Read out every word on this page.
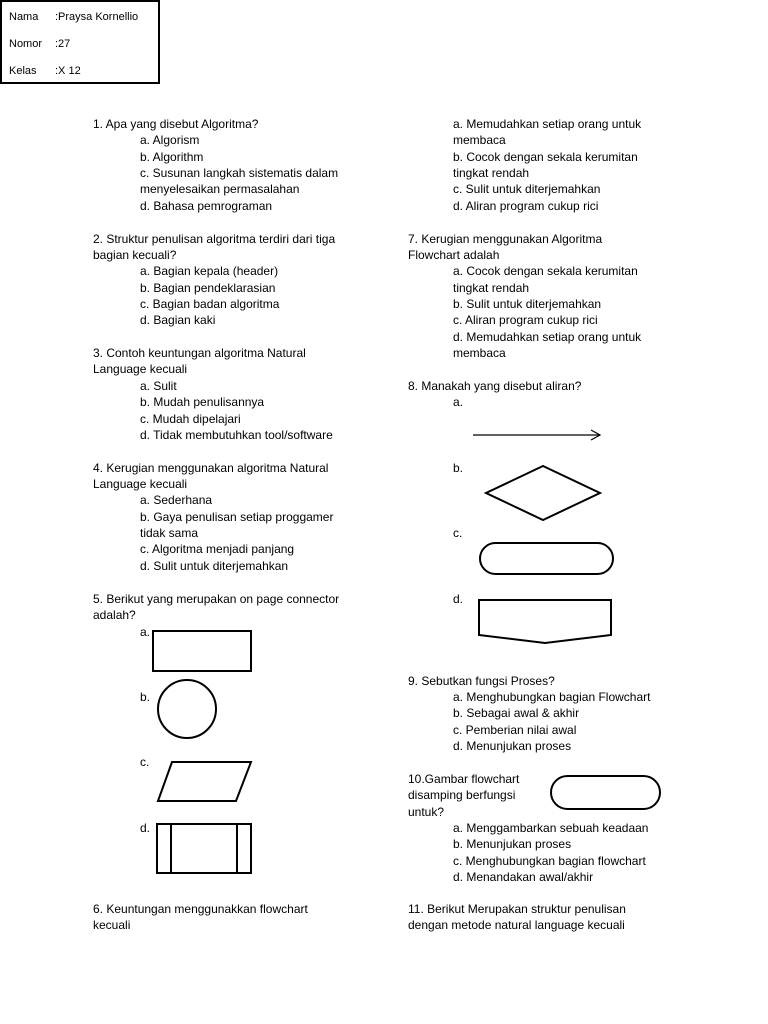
Nama :Praysa Kornellio
Nomor :27
Kelas :X 12
1. Apa yang disebut Algoritma?
a. Algorism
b. Algorithm
c. Susunan langkah sistematis dalam
menyelesaikan permasalahan
d. Bahasa pemrograman
2. Struktur penulisan algoritma terdiri dari tiga
bagian kecuali?
a. Bagian kepala (header)
b. Bagian pendeklarasian
c. Bagian badan algoritma
d. Bagian kaki
3. Contoh keuntungan algoritma Natural
Language kecuali
a. Sulit
b. Mudah penulisannya
c. Mudah dipelajari
d. Tidak membutuhkan tool/software
4. Kerugian menggunakan algoritma Natural
Language kecuali
a. Sederhana
b. Gaya penulisan setiap proggamer
tidak sama
c. Algoritma menjadi panjang
d. Sulit untuk diterjemahkan
5. Berikut yang merupakan on page connector
adalah?
a.
b.
c.
d.
6. Keuntungan menggunakkan flowchart
kecuali
a. Memudahkan setiap orang untuk
membaca
b. Cocok dengan sekala kerumitan
tingkat rendah
c. Sulit untuk diterjemahkan
d. Aliran program cukup rici
7. Kerugian menggunakan Algoritma
Flowchart adalah
a. Cocok dengan sekala kerumitan
tingkat rendah
b. Sulit untuk diterjemahkan
c. Aliran program cukup rici
d. Memudahkan setiap orang untuk
membaca
8. Manakah yang disebut aliran?
a.
b.
c.
d.
9. Sebutkan fungsi Proses?
a. Menghubungkan bagian Flowchart
b. Sebagai awal & akhir
c. Pemberian nilai awal
d. Menunjukan proses
10.Gambar flowchart
disamping berfungsi
untuk?
a. Menggambarkan sebuah keadaan
b. Menunjukan proses
c. Menghubungkan bagian flowchart
d. Menandakan awal/akhir
11. Berikut Merupakan struktur penulisan
dengan metode natural language kecuali
